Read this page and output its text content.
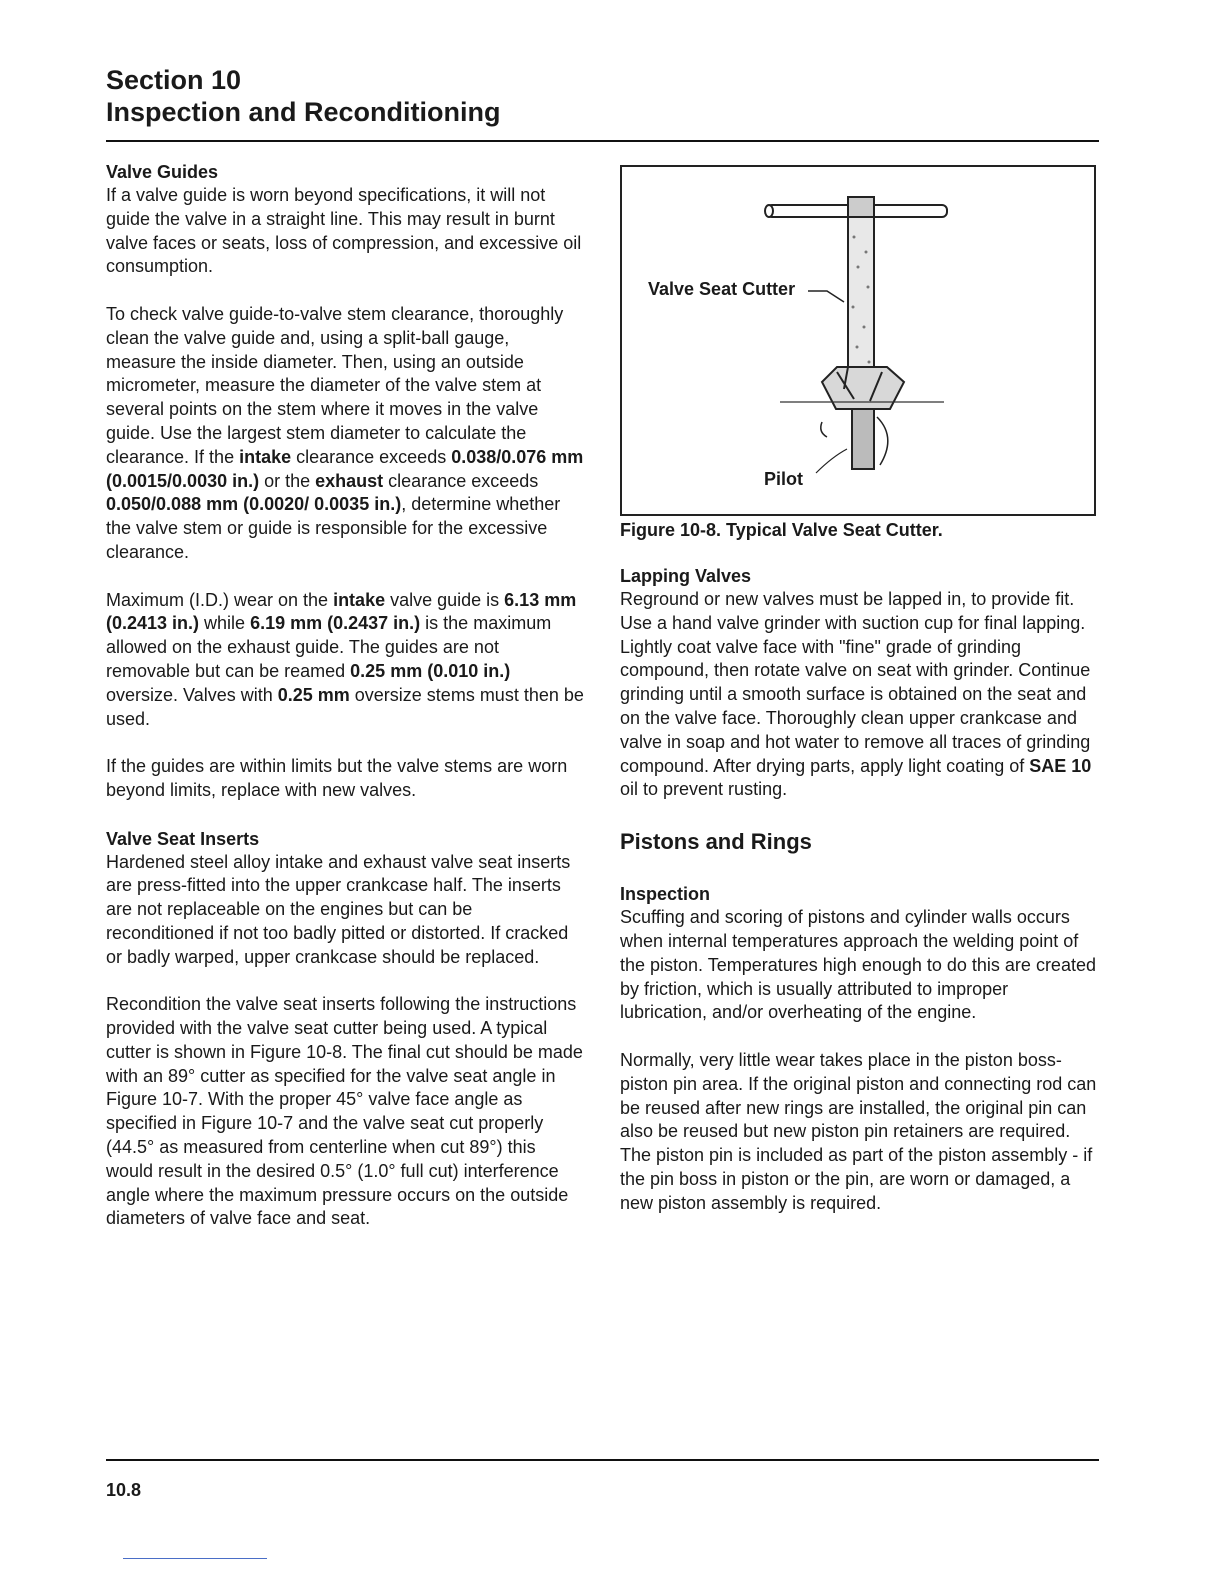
Section 10
Inspection and Reconditioning
Valve Guides

If a valve guide is worn beyond specifications, it will not guide the valve in a straight line. This may result in burnt valve faces or seats, loss of compression, and excessive oil consumption.

To check valve guide-to-valve stem clearance, thoroughly clean the valve guide and, using a split-ball gauge, measure the inside diameter. Then, using an outside micrometer, measure the diameter of the valve stem at several points on the stem where it moves in the valve guide. Use the largest stem diameter to calculate the clearance. If the intake clearance exceeds 0.038/0.076 mm (0.0015/0.0030 in.) or the exhaust clearance exceeds 0.050/0.088 mm (0.0020/ 0.0035 in.), determine whether the valve stem or guide is responsible for the excessive clearance.

Maximum (I.D.) wear on the intake valve guide is 6.13 mm (0.2413 in.) while 6.19 mm (0.2437 in.) is the maximum allowed on the exhaust guide. The guides are not removable but can be reamed 0.25 mm (0.010 in.) oversize. Valves with 0.25 mm oversize stems must then be used.

If the guides are within limits but the valve stems are worn beyond limits, replace with new valves.

Valve Seat Inserts

Hardened steel alloy intake and exhaust valve seat inserts are press-fitted into the upper crankcase half. The inserts are not replaceable on the engines but can be reconditioned if not too badly pitted or distorted. If cracked or badly warped, upper crankcase should be replaced.

Recondition the valve seat inserts following the instructions provided with the valve seat cutter being used. A typical cutter is shown in Figure 10-8. The final cut should be made with an 89° cutter as specified for the valve seat angle in Figure 10-7. With the proper 45° valve face angle as specified in Figure 10-7 and the valve seat cut properly (44.5° as measured from centerline when cut 89°) this would result in the desired 0.5° (1.0° full cut) interference angle where the maximum pressure occurs on the outside diameters of valve face and seat.

Valve Seat Cutter
Pilot
Figure 10-8. Typical Valve Seat Cutter.
Lapping Valves

Reground or new valves must be lapped in, to provide fit. Use a hand valve grinder with suction cup for final lapping. Lightly coat valve face with "fine" grade of grinding compound, then rotate valve on seat with grinder. Continue grinding until a smooth surface is obtained on the seat and on the valve face. Thoroughly clean upper crankcase and valve in soap and hot water to remove all traces of grinding compound. After drying parts, apply light coating of SAE 10 oil to prevent rusting.

Pistons and Rings
Inspection

Scuffing and scoring of pistons and cylinder walls occurs when internal temperatures approach the welding point of the piston. Temperatures high enough to do this are created by friction, which is usually attributed to improper lubrication, and/or overheating of the engine.

Normally, very little wear takes place in the piston boss-piston pin area. If the original piston and connecting rod can be reused after new rings are installed, the original pin can also be reused but new piston pin retainers are required. The piston pin is included as part of the piston assembly - if the pin boss in piston or the pin, are worn or damaged, a new piston assembly is required.

10.8
